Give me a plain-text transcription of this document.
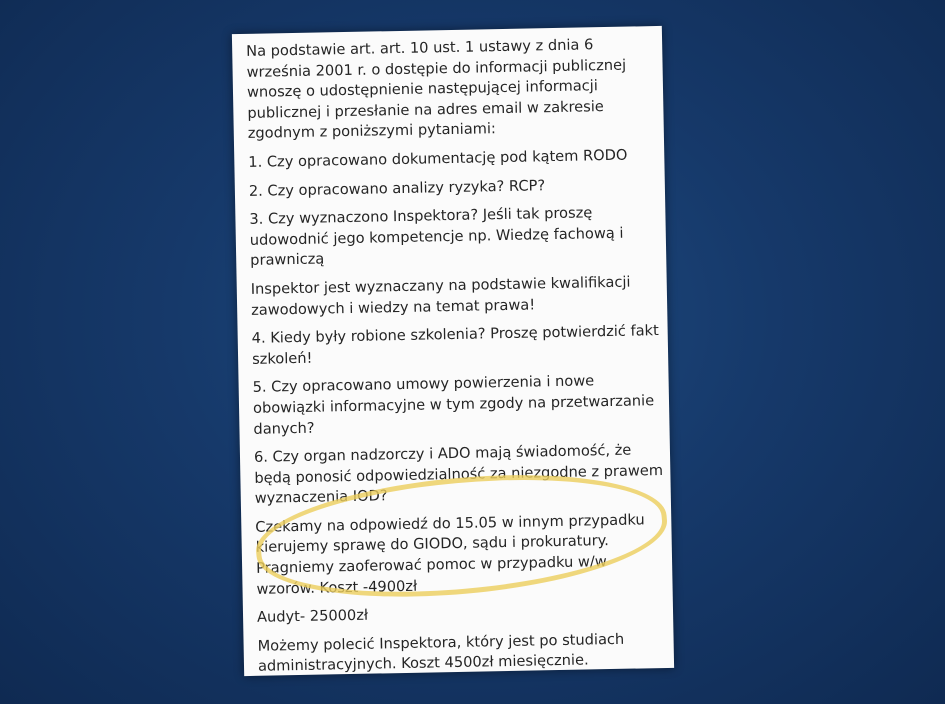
Na podstawie art. art. 10 ust. 1 ustawy z dnia 6 września 2001 r. o dostępie do informacji publicznej wnoszę o udostępnienie następującej informacji publicznej i przesłanie na adres email w zakresie zgodnym z poniższymi pytaniami:

1. Czy opracowano dokumentację pod kątem RODO

2. Czy opracowano analizy ryzyka? RCP?

3. Czy wyznaczono Inspektora? Jeśli tak proszę udowodnić jego kompetencje np. Wiedzę fachową i prawniczą

Inspektor jest wyznaczany na podstawie kwalifikacji zawodowych i wiedzy na temat prawa!

4. Kiedy były robione szkolenia? Proszę potwierdzić fakt szkoleń!

5. Czy opracowano umowy powierzenia i nowe obowiązki informacyjne w tym zgody na przetwarzanie danych?

6. Czy organ nadzorczy i ADO mają świadomość, że będą ponosić odpowiedzialność za niezgodne z prawem wyznaczenia IOD?

Czekamy na odpowiedź do 15.05 w innym przypadku kierujemy sprawę do GIODO, sądu i prokuratury. Pragniemy zaoferować pomoc w przypadku w/w wzorów. Koszt -4900zł

Audyt- 25000zł

Możemy polecić Inspektora, który jest po studiach administracyjnych. Koszt 4500zł miesięcznie.
